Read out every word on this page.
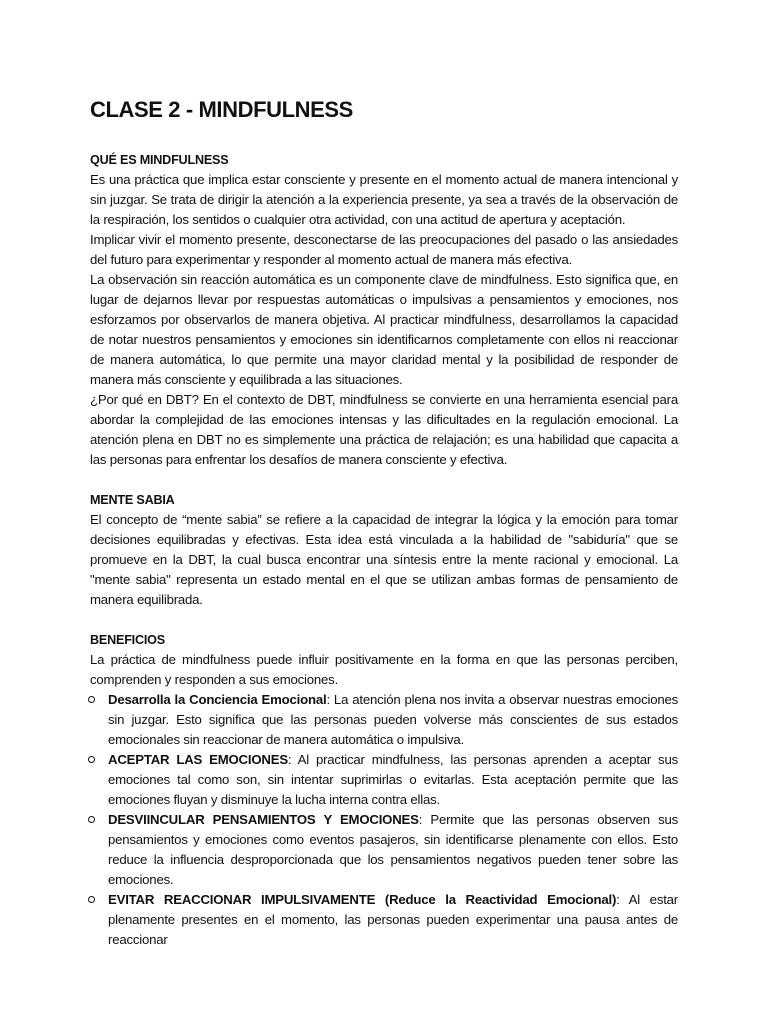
CLASE 2 - MINDFULNESS
QUÉ ES MINDFULNESS

Es una práctica que implica estar consciente y presente en el momento actual de manera intencional y sin juzgar. Se trata de dirigir la atención a la experiencia presente, ya sea a través de la observación de la respiración, los sentidos o cualquier otra actividad, con una actitud de apertura y aceptación.

Implicar vivir el momento presente, desconectarse de las preocupaciones del pasado o las ansiedades del futuro para experimentar y responder al momento actual de manera más efectiva.

La observación sin reacción automática es un componente clave de mindfulness. Esto significa que, en lugar de dejarnos llevar por respuestas automáticas o impulsivas a pensamientos y emociones, nos esforzamos por observarlos de manera objetiva. Al practicar mindfulness, desarrollamos la capacidad de notar nuestros pensamientos y emociones sin identificarnos completamente con ellos ni reaccionar de manera automática, lo que permite una mayor claridad mental y la posibilidad de responder de manera más consciente y equilibrada a las situaciones.

¿Por qué en DBT? En el contexto de DBT, mindfulness se convierte en una herramienta esencial para abordar la complejidad de las emociones intensas y las dificultades en la regulación emocional. La atención plena en DBT no es simplemente una práctica de relajación; es una habilidad que capacita a las personas para enfrentar los desafíos de manera consciente y efectiva.

MENTE SABIA

El concepto de “mente sabia” se refiere a la capacidad de integrar la lógica y la emoción para tomar decisiones equilibradas y efectivas. Esta idea está vinculada a la habilidad de "sabiduría" que se promueve en la DBT, la cual busca encontrar una síntesis entre la mente racional y emocional. La "mente sabia" representa un estado mental en el que se utilizan ambas formas de pensamiento de manera equilibrada.

BENEFICIOS

La práctica de mindfulness puede influir positivamente en la forma en que las personas perciben, comprenden y responden a sus emociones.

Desarrolla la Conciencia Emocional: La atención plena nos invita a observar nuestras emociones sin juzgar. Esto significa que las personas pueden volverse más conscientes de sus estados emocionales sin reaccionar de manera automática o impulsiva.
ACEPTAR LAS EMOCIONES: Al practicar mindfulness, las personas aprenden a aceptar sus emociones tal como son, sin intentar suprimirlas o evitarlas. Esta aceptación permite que las emociones fluyan y disminuye la lucha interna contra ellas.
DESVIINCULAR PENSAMIENTOS Y EMOCIONES: Permite que las personas observen sus pensamientos y emociones como eventos pasajeros, sin identificarse plenamente con ellos. Esto reduce la influencia desproporcionada que los pensamientos negativos pueden tener sobre las emociones.
EVITAR REACCIONAR IMPULSIVAMENTE (Reduce la Reactividad Emocional): Al estar plenamente presentes en el momento, las personas pueden experimentar una pausa antes de reaccionar
